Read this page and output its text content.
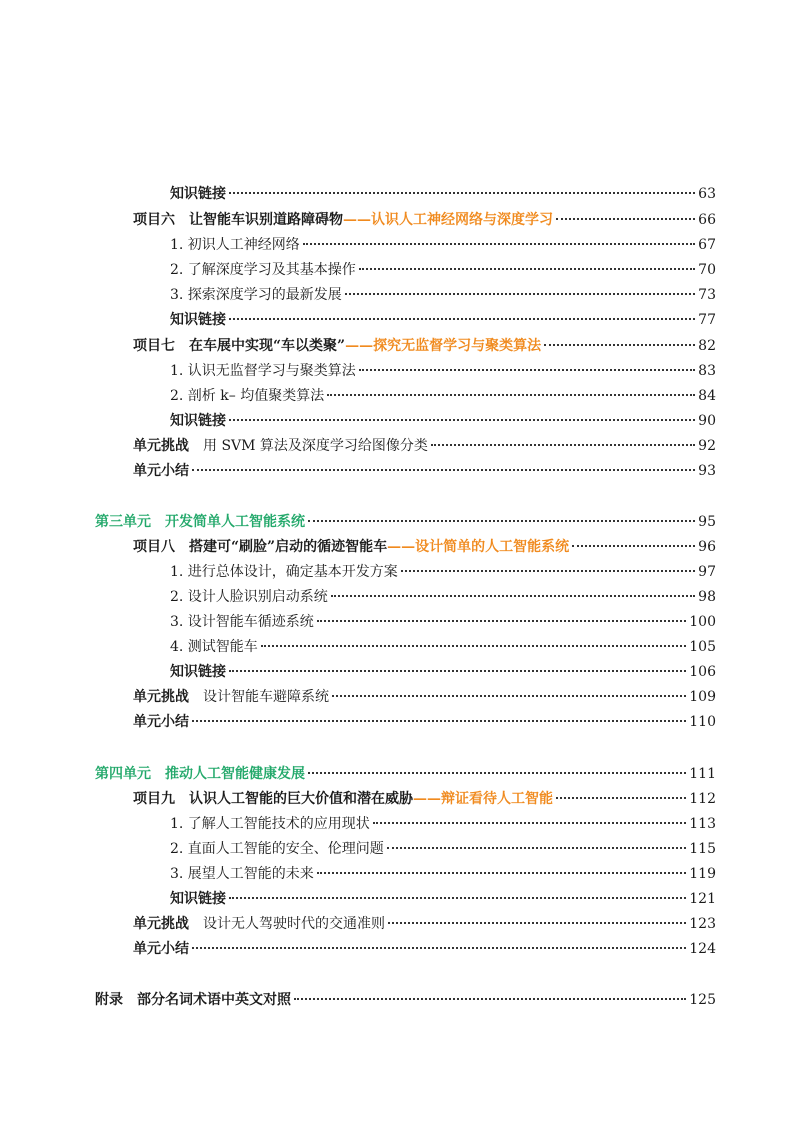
知识链接	63
项目六 让智能车识别道路障碍物——认识人工神经网络与深度学习	66
1. 初识人工神经网络	67
2. 了解深度学习及其基本操作	70
3. 探索深度学习的最新发展	73
知识链接	77
项目七 在车展中实现“车以类聚”——探究无监督学习与聚类算法	82
1. 认识无监督学习与聚类算法	83
2. 剖析 k– 均值聚类算法	84
知识链接	90
单元挑战 用 SVM 算法及深度学习给图像分类	92
单元小结	93
第三单元 开发简单人工智能系统	95
项目八 搭建可“刷脸”启动的循迹智能车——设计简单的人工智能系统	96
1. 进行总体设计，确定基本开发方案	97
2. 设计人脸识别启动系统	98
3. 设计智能车循迹系统	100
4. 测试智能车	105
知识链接	106
单元挑战 设计智能车避障系统	109
单元小结	110
第四单元 推动人工智能健康发展	111
项目九 认识人工智能的巨大价值和潜在威胁——辩证看待人工智能	112
1. 了解人工智能技术的应用现状	113
2. 直面人工智能的安全、伦理问题	115
3. 展望人工智能的未来	119
知识链接	121
单元挑战 设计无人驾驶时代的交通准则	123
单元小结	124
附录 部分名词术语中英文对照	125
